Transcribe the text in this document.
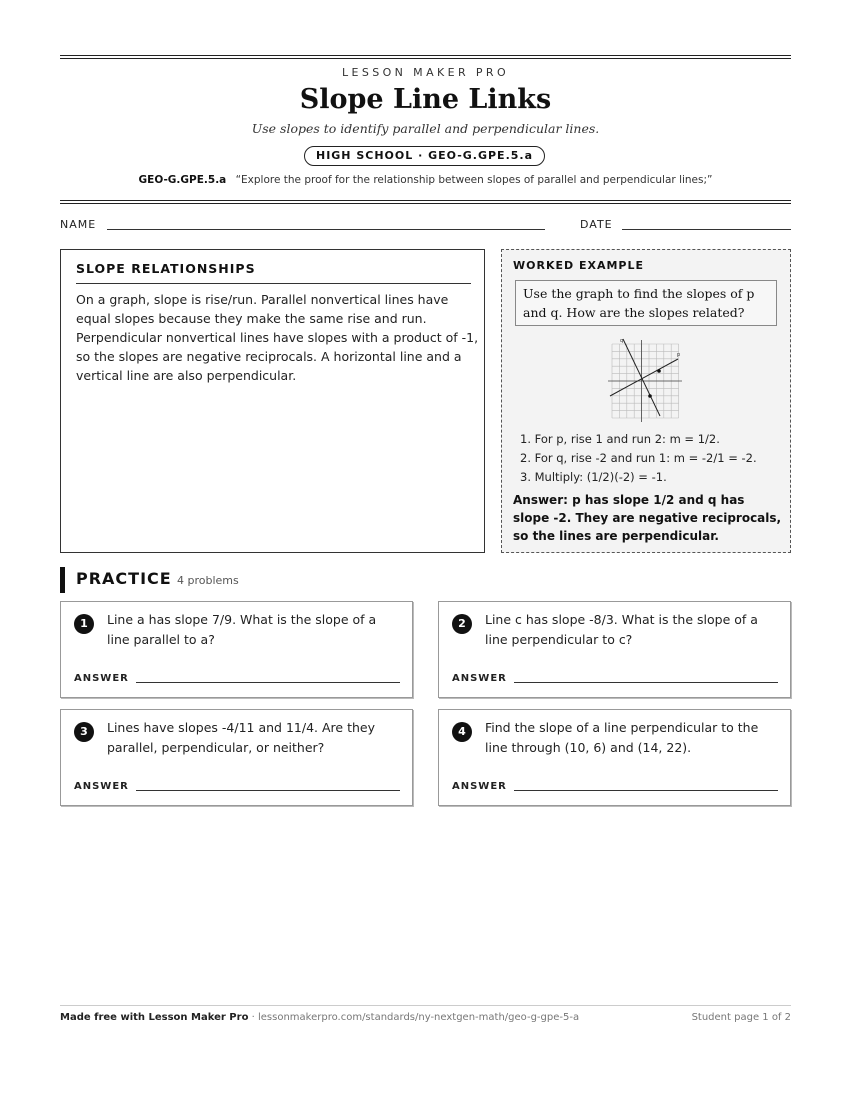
LESSON MAKER PRO
Slope Line Links
Use slopes to identify parallel and perpendicular lines.
HIGH SCHOOL · GEO-G.GPE.5.a
GEO-G.GPE.5.a “Explore the proof for the relationship between slopes of parallel and perpendicular lines;”
NAME	DATE
SLOPE RELATIONSHIPS
On a graph, slope is rise/run. Parallel nonvertical lines have equal slopes because they make the same rise and run. Perpendicular nonvertical lines have slopes with a product of -1, so the slopes are negative reciprocals. A horizontal line and a vertical line are also perpendicular.
WORKED EXAMPLE
Use the graph to find the slopes of p and q. How are the slopes related?
p
q
1. For p, rise 1 and run 2: m = 1/2.
2. For q, rise -2 and run 1: m = -2/1 = -2.
3. Multiply: (1/2)(-2) = -1.
Answer: p has slope 1/2 and q has slope -2. They are negative reciprocals, so the lines are perpendicular.
PRACTICE 4 problems
1	Line a has slope 7/9. What is the slope of a line parallel to a?
ANSWER
2	Line c has slope -8/3. What is the slope of a line perpendicular to c?
ANSWER
3	Lines have slopes -4/11 and 11/4. Are they parallel, perpendicular, or neither?
ANSWER
4	Find the slope of a line perpendicular to the line through (10, 6) and (14, 22).
ANSWER
Made free with Lesson Maker Pro · lessonmakerpro.com/standards/ny-nextgen-math/geo-g-gpe-5-a	Student page 1 of 2
